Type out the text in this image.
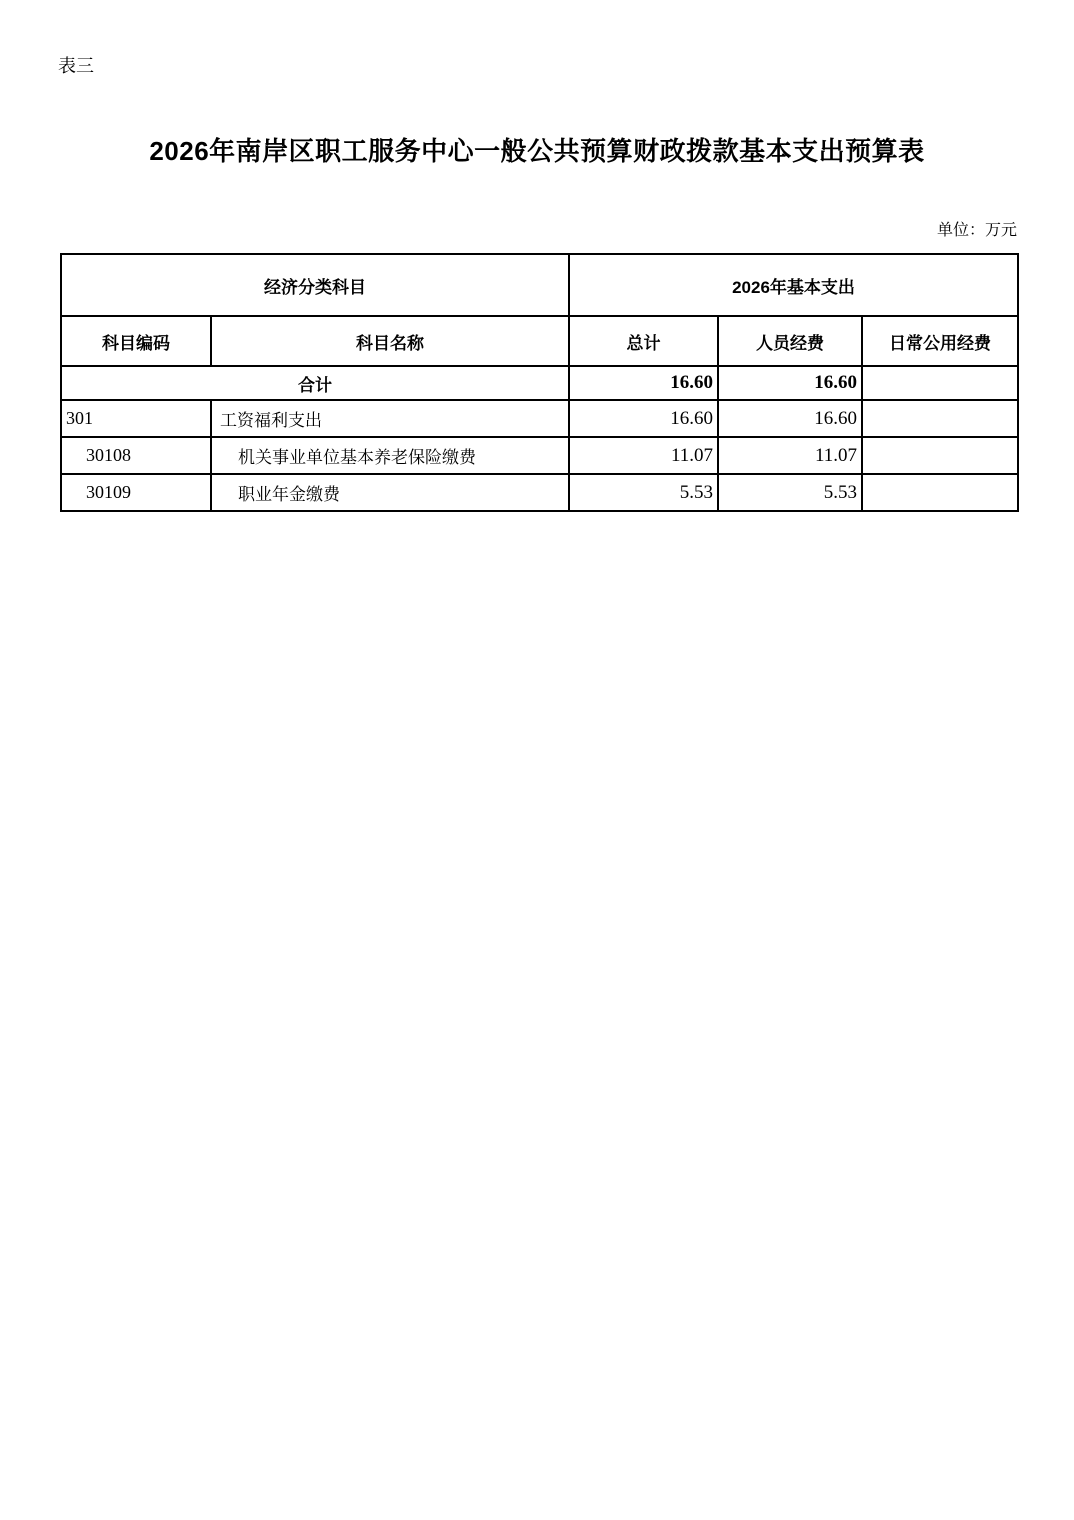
表三
2026年南岸区职工服务中心一般公共预算财政拨款基本支出预算表
单位：万元
经济分类科目		2026年基本支出		
科目编码	科目名称	总计	人员经费	日常公用经费
合计		16.60	16.60	
301	工资福利支出	16.60	16.60	
30108	机关事业单位基本养老保险缴费	11.07	11.07	
30109	职业年金缴费	5.53	5.53	
